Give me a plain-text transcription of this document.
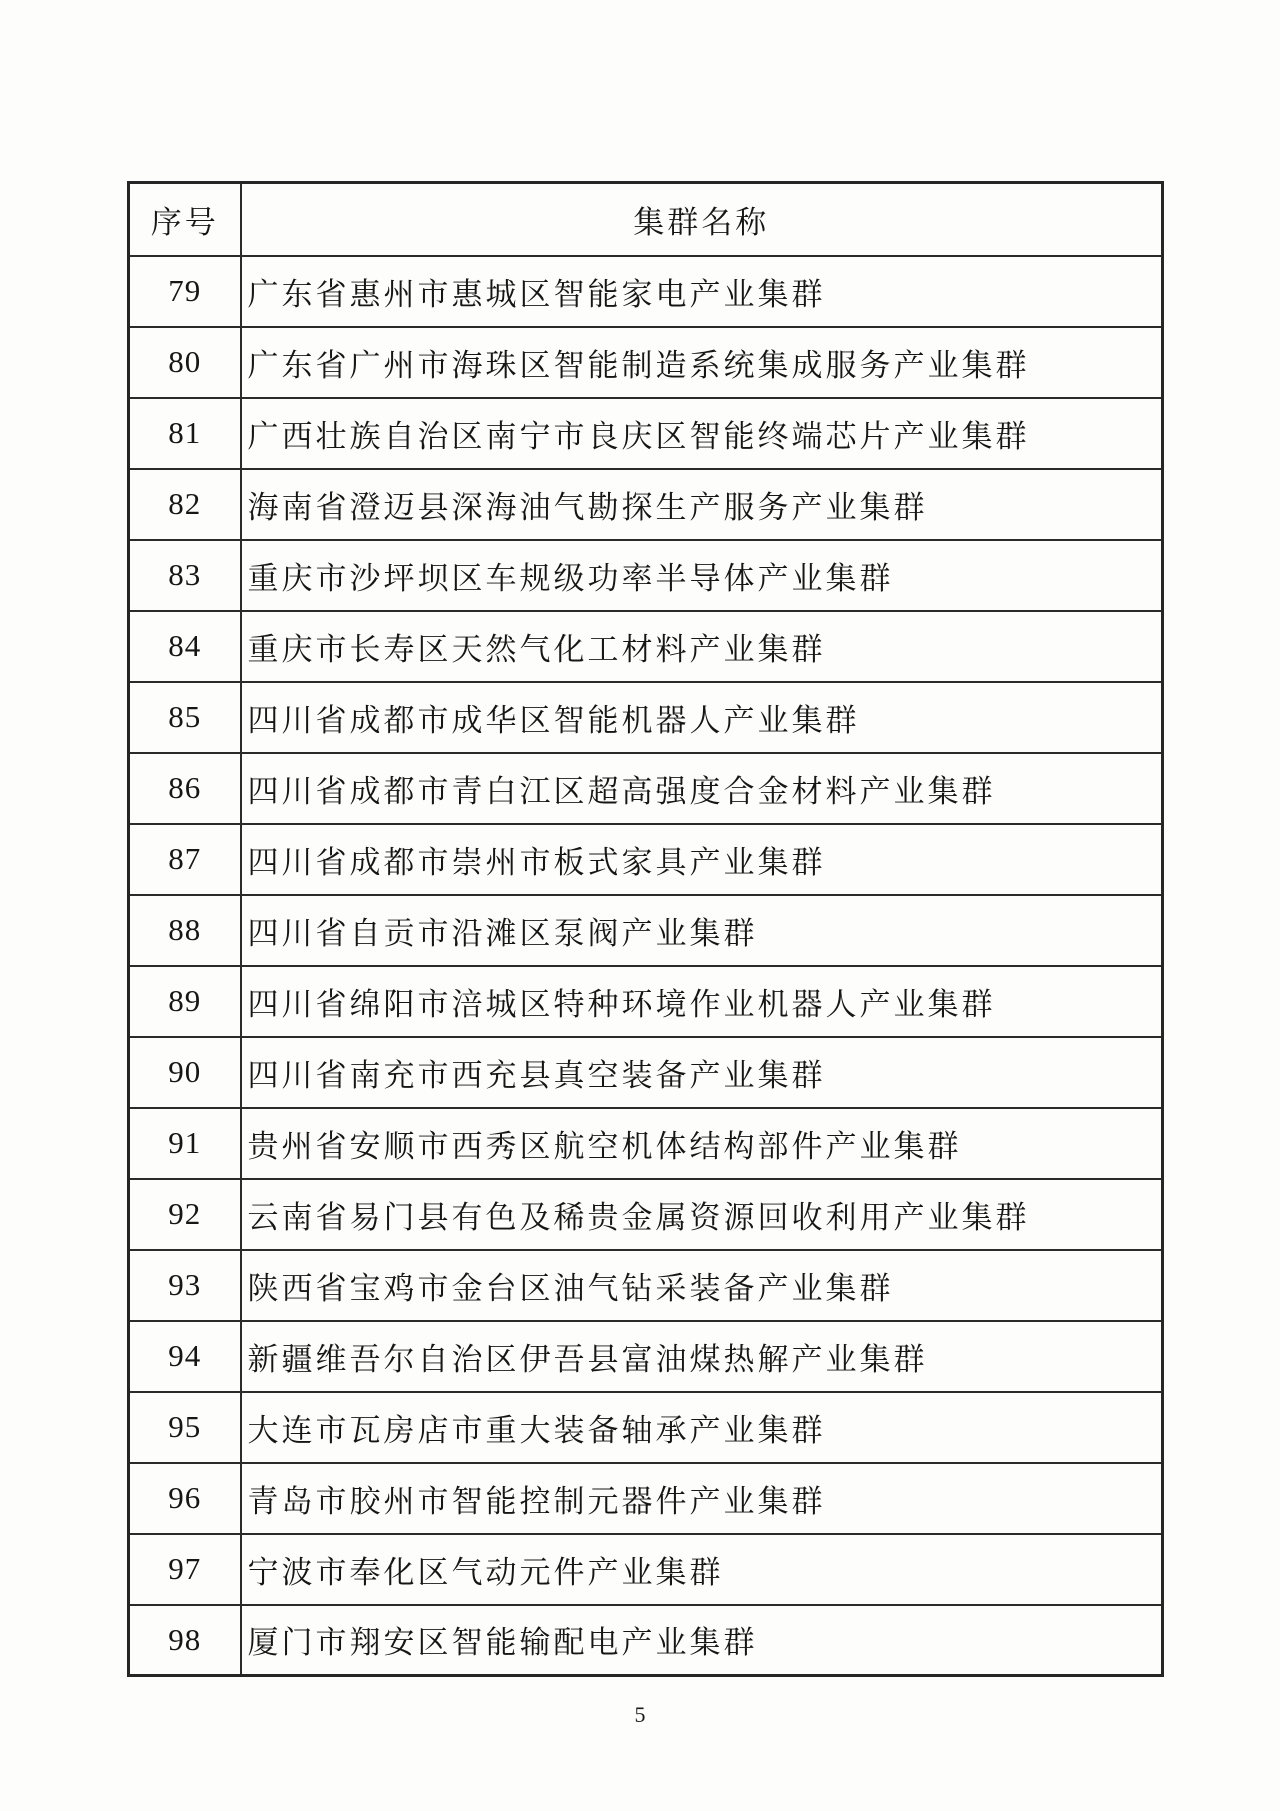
序号	集群名称
79	广东省惠州市惠城区智能家电产业集群
80	广东省广州市海珠区智能制造系统集成服务产业集群
81	广西壮族自治区南宁市良庆区智能终端芯片产业集群
82	海南省澄迈县深海油气勘探生产服务产业集群
83	重庆市沙坪坝区车规级功率半导体产业集群
84	重庆市长寿区天然气化工材料产业集群
85	四川省成都市成华区智能机器人产业集群
86	四川省成都市青白江区超高强度合金材料产业集群
87	四川省成都市崇州市板式家具产业集群
88	四川省自贡市沿滩区泵阀产业集群
89	四川省绵阳市涪城区特种环境作业机器人产业集群
90	四川省南充市西充县真空装备产业集群
91	贵州省安顺市西秀区航空机体结构部件产业集群
92	云南省易门县有色及稀贵金属资源回收利用产业集群
93	陕西省宝鸡市金台区油气钻采装备产业集群
94	新疆维吾尔自治区伊吾县富油煤热解产业集群
95	大连市瓦房店市重大装备轴承产业集群
96	青岛市胶州市智能控制元器件产业集群
97	宁波市奉化区气动元件产业集群
98	厦门市翔安区智能输配电产业集群
5
